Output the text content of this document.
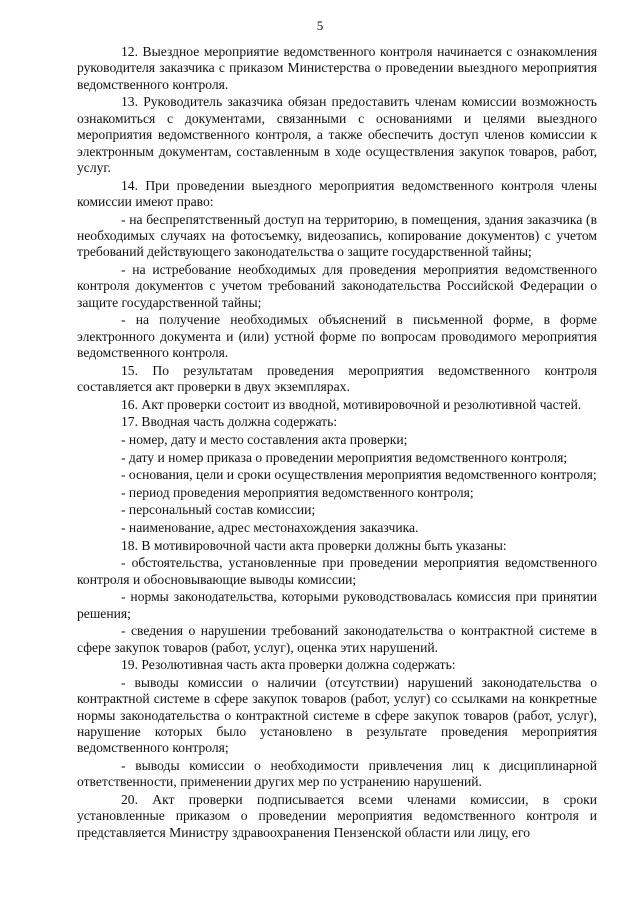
5

12. Выездное мероприятие ведомственного контроля начинается с ознакомления руководителя заказчика с приказом Министерства о проведении выездного мероприятия ведомственного контроля.

13. Руководитель заказчика обязан предоставить членам комиссии возможность ознакомиться с документами, связанными с основаниями и целями выездного мероприятия ведомственного контроля, а также обеспечить доступ членов комиссии к электронным документам, составленным в ходе осуществления закупок товаров, работ, услуг.

14. При проведении выездного мероприятия ведомственного контроля члены комиссии имеют право:

- на беспрепятственный доступ на территорию, в помещения, здания заказчика (в необходимых случаях на фотосъемку, видеозапись, копирование документов) с учетом требований действующего законодательства о защите государственной тайны;

- на истребование необходимых для проведения мероприятия ведомственного контроля документов с учетом требований законодательства Российской Федерации о защите государственной тайны;

- на получение необходимых объяснений в письменной форме, в форме электронного документа и (или) устной форме по вопросам проводимого мероприятия ведомственного контроля.

15. По результатам проведения мероприятия ведомственного контроля составляется акт проверки в двух экземплярах.

16. Акт проверки состоит из вводной, мотивировочной и резолютивной частей.

17. Вводная часть должна содержать:

- номер, дату и место составления акта проверки;

- дату и номер приказа о проведении мероприятия ведомственного контроля;

- основания, цели и сроки осуществления мероприятия ведомственного контроля;

- период проведения мероприятия ведомственного контроля;

- персональный состав комиссии;

- наименование, адрес местонахождения заказчика.

18. В мотивировочной части акта проверки должны быть указаны:

- обстоятельства, установленные при проведении мероприятия ведомственного контроля и обосновывающие выводы комиссии;

- нормы законодательства, которыми руководствовалась комиссия при принятии решения;

- сведения о нарушении требований законодательства о контрактной системе в сфере закупок товаров (работ, услуг), оценка этих нарушений.

19. Резолютивная часть акта проверки должна содержать:

- выводы комиссии о наличии (отсутствии) нарушений законодательства о контрактной системе в сфере закупок товаров (работ, услуг) со ссылками на конкретные нормы законодательства о контрактной системе в сфере закупок товаров (работ, услуг), нарушение которых было установлено в результате проведения мероприятия ведомственного контроля;

- выводы комиссии о необходимости привлечения лиц к дисциплинарной ответственности, применении других мер по устранению нарушений.

20. Акт проверки подписывается всеми членами комиссии, в сроки установленные приказом о проведении мероприятия ведомственного контроля и представляется Министру здравоохранения Пензенской области или лицу, его
